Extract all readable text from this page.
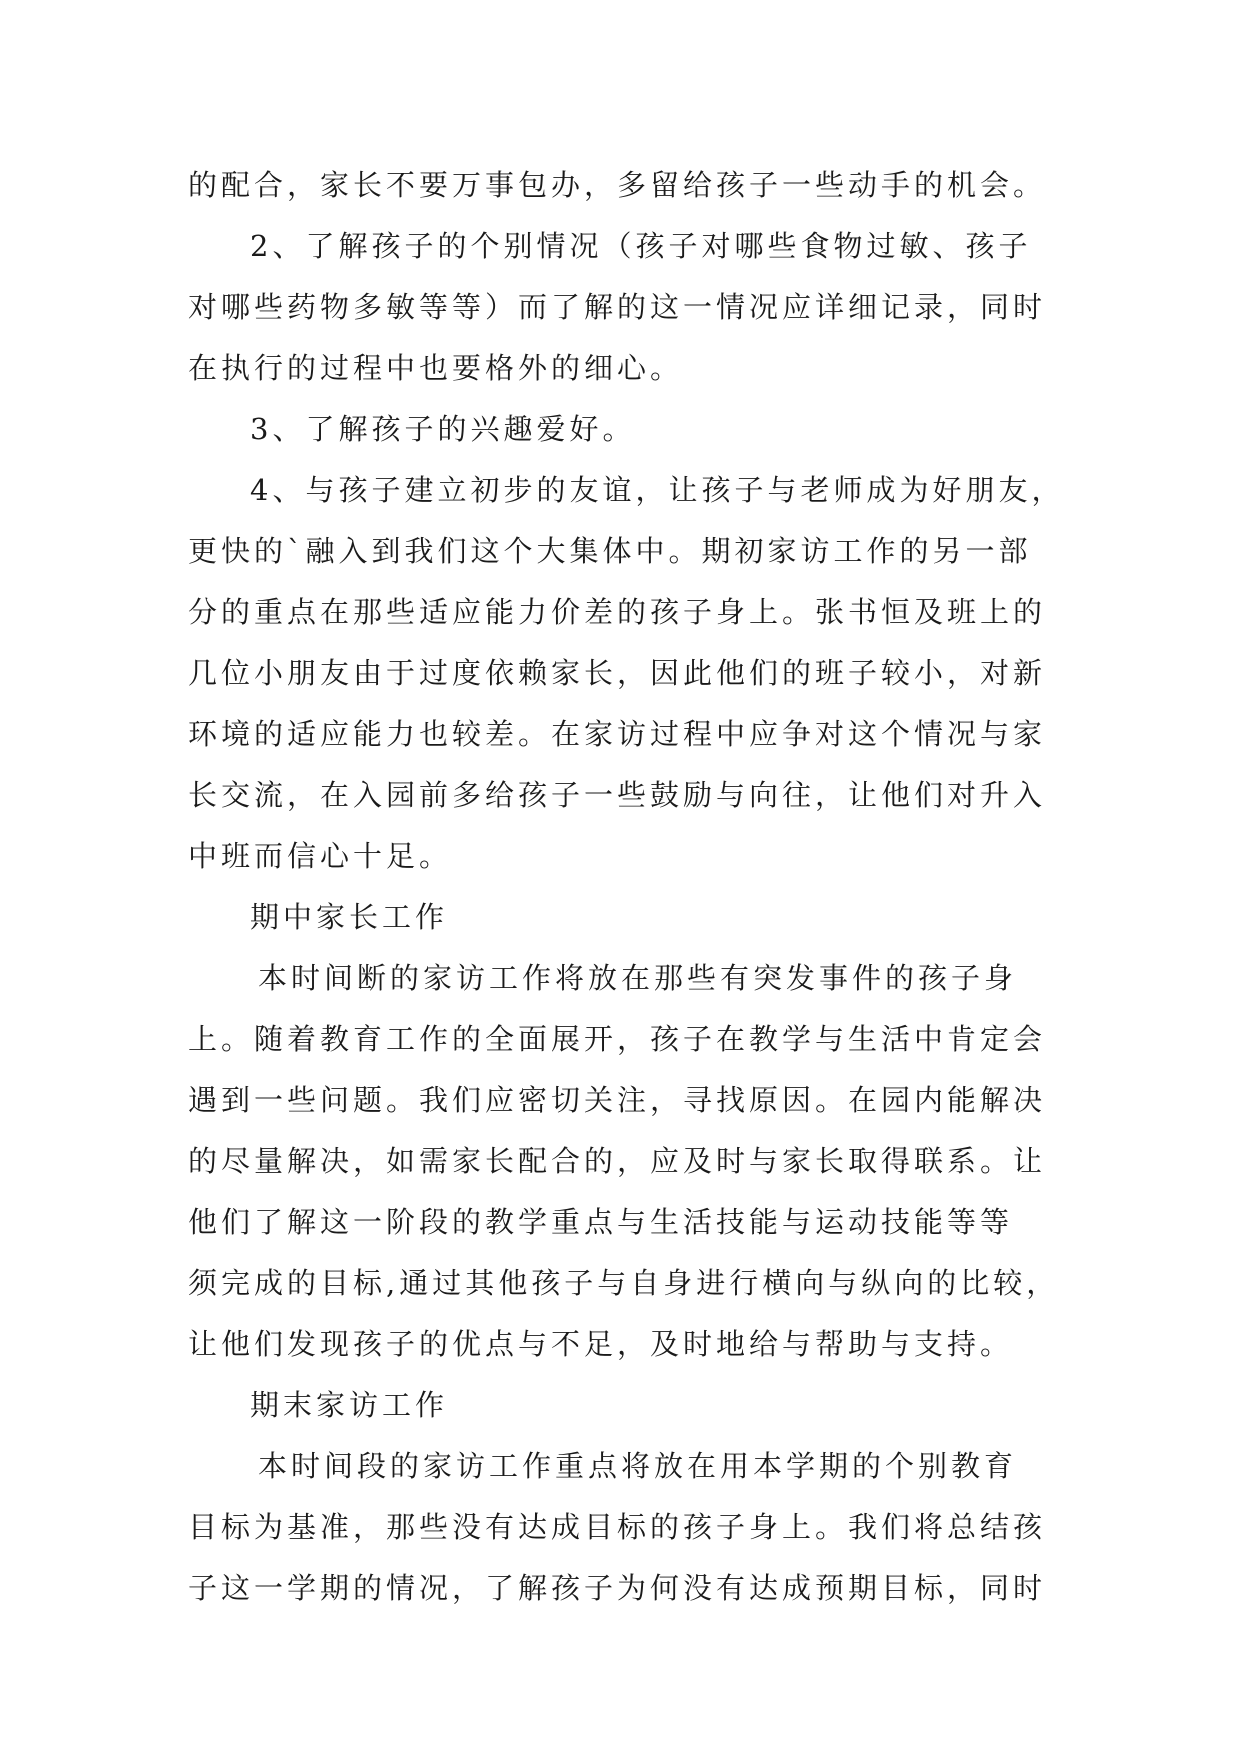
的配合，家长不要万事包办，多留给孩子一些动手的机会。
2、了解孩子的个别情况（孩子对哪些食物过敏、孩子
对哪些药物多敏等等）而了解的这一情况应详细记录，同时
在执行的过程中也要格外的细心。
3、了解孩子的兴趣爱好。
4、与孩子建立初步的友谊，让孩子与老师成为好朋友，
更快的`融入到我们这个大集体中。期初家访工作的另一部
分的重点在那些适应能力价差的孩子身上。张书恒及班上的
几位小朋友由于过度依赖家长，因此他们的班子较小，对新
环境的适应能力也较差。在家访过程中应争对这个情况与家
长交流，在入园前多给孩子一些鼓励与向往，让他们对升入
中班而信心十足。
期中家长工作
本时间断的家访工作将放在那些有突发事件的孩子身
上。随着教育工作的全面展开，孩子在教学与生活中肯定会
遇到一些问题。我们应密切关注，寻找原因。在园内能解决
的尽量解决，如需家长配合的，应及时与家长取得联系。让
他们了解这一阶段的教学重点与生活技能与运动技能等等
须完成的目标,通过其他孩子与自身进行横向与纵向的比较，
让他们发现孩子的优点与不足，及时地给与帮助与支持。
期末家访工作
本时间段的家访工作重点将放在用本学期的个别教育
目标为基准，那些没有达成目标的孩子身上。我们将总结孩
子这一学期的情况，了解孩子为何没有达成预期目标，同时
